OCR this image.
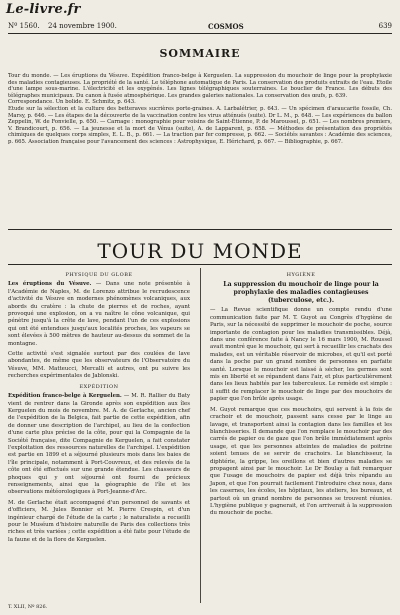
Le-livre.fr
Nº 1560. 24 novembre 1900.	COSMOS	639
SOMMAIRE

Tour du monde. — Les éruptions du Vésuve. Expédition franco-belge à Kerguelen. La suppression du mouchoir de linge pour la prophylaxie des maladies contagieuses. La propriété de la santé. Le téléphone automatique de Paris. La conservation des produits extraits de l'eau. Etoile d'une lampe sous-marine. L'électricité et les oxygénés. Les lignes télégraphiques souterraines. Le bouclier de France. Les débuts des télégraphes municipaux. Du canon à fusée atmosphérique. Les grandes galeries nationales. La conservation des œufs, p. 639.

Correspondance. Un bolide. E. Schmitz, p. 643.

Etude sur la sélection et la culture des betteraves sucrières porte-graines. A. Larbalétrier, p. 643. — Un spécimen d'araucarite fossile, Ch. Marsy, p. 646. — Les étapes de la découverte de la vaccination contre les virus atténués (suite). Dr L. M., p. 648. — Les expériences du ballon Zeppelin, W. de Fonvielle, p. 650. — Carnage : monographie pour voisins de Saint-Étienne, P. de Maroussel, p. 651. — Les nombres premiers, V. Brandicourt, p. 656. — La jeunesse et la mort de Vénus (suite), A. de Lapparent, p. 658. — Méthodes de présentation des propriétés chimiques de quelques corps simples, E. L. B., p. 661. — La traction par fer compresse, p. 662. — Sociétés savantes : Académie des sciences, p. 665. Association française pour l'avancement des sciences : Astrophysique, E. Hérichard, p. 667. — Bibliographie, p. 667.

TOUR DU MONDE
PHYSIQUE DU GLOBE

Les éruptions du Vésuve. — Dans une note présentée à l'Académie de Naples, M. de Lorenzo attribue le recrudescence d'activité du Vésuve en modernes phénomènes volcaniques, aux abords du cratère : la chute de pierres et de roches, ayant provoqué une explosion, on a vu naître le cône volcanique, qui pénètre jusqu'à la crête de lave, pendant l'un de ces explosions qui ont été entendues jusqu'aux localités proches, les vapeurs se sont élevées à 500 mètres de hauteur au-dessus du sommet de la montagne.

Cette activité s'est signalée surtout par des coulées de lave abondantes, de même que les observateurs de l'Observatoire du Vésuve, MM. Matteucci, Mercalli et autres, ont pu suivre les recherches expérimentales de Jablonski.

EXPÉDITION

Expédition franco-belge à Kerguelen. — M. R. Rallier du Baty vient de rentrer dans la Gironde après son expédition aux îles Kerguelen du mois de novembre. M. A. de Gerlache, ancien chef de l'expédition de la Belgica, fait partie de cette expédition, afin de donner une description de l'archipel, au lieu de la confection d'une carte plus précise de la côte, pour qui la Compagnie de la Société française, dite Compagnie de Kerguelen, a fait constater l'exploitation des ressources naturelles de l'archipel. L'expédition est partie en 1899 et a séjourné plusieurs mois dans les baies de l'île principale, notamment à Port-Couvreux, et des relevés de la côte ont été effectués sur une grande étendue. Les chasseurs de phoques qui y ont séjourné ont fourni de précieux renseignements, ainsi que la géographie de l'île et les observations météorologiques à Port-Jeanne-d'Arc.

M. de Gerlache était accompagné d'un personnel de savants et d'officiers, M. Jules Bonnier et M. Pierre Crespin, et d'un ingénieur chargé de l'étude de la carte ; le naturaliste a recueilli pour le Muséum d'histoire naturelle de Paris des collections très riches et très variées ; cette expédition a été faite pour l'étude de la faune et de la flore de Kerguelen.

HYGIÈNE
La suppression du mouchoir de linge pour la prophylaxie des maladies contagieuses (tuberculose, etc.).

— La Revue scientifique donne un compte rendu d'une communication faite par M. T. Guyot au Congrès d'hygiène de Paris, sur la nécessité de supprimer le mouchoir de poche, source importante de contagion pour les maladies transmissibles. Déjà, dans une conférence faite à Nancy le 16 mars 1900, M. Roussel avait montré que le mouchoir, qui sert à recueillir les crachats des malades, est un véritable réservoir de microbes, et qu'il est porté dans la poche par un grand nombre de personnes en parfaite santé. Lorsque le mouchoir est laissé à sécher, les germes sont mis en liberté et se répandent dans l'air, et plus particulièrement dans les lieux habités par les tuberculeux. Le remède est simple : il suffit de remplacer le mouchoir de linge par des mouchoirs de papier que l'on brûle après usage.

M. Guyot remarque que ces mouchoirs, qui servent à la fois de crachoir et de mouchoir, passent sans cesse par le linge au lavage, et transportent ainsi la contagion dans les familles et les blanchisseries. Il demande que l'on remplace le mouchoir par des carrés de papier ou de gaze que l'on brûle immédiatement après usage, et que les personnes atteintes de maladies de poitrine soient tenues de se servir de crachoirs. Le blanchisseur, la diphtérie, la grippe, les oreillons et bien d'autres maladies se propagent ainsi par le mouchoir. Le Dr Boulay a fait remarquer que l'usage de mouchoirs de papier est déjà très répandu au Japon, et que l'on pourrait facilement l'introduire chez nous, dans les casernes, les écoles, les hôpitaux, les ateliers, les bureaux, et partout où un grand nombre de personnes se trouvent réunies. L'hygiène publique y gagnerait, et l'on arriverait à la suppression du mouchoir de poche.

T. XLII, Nº 826.
